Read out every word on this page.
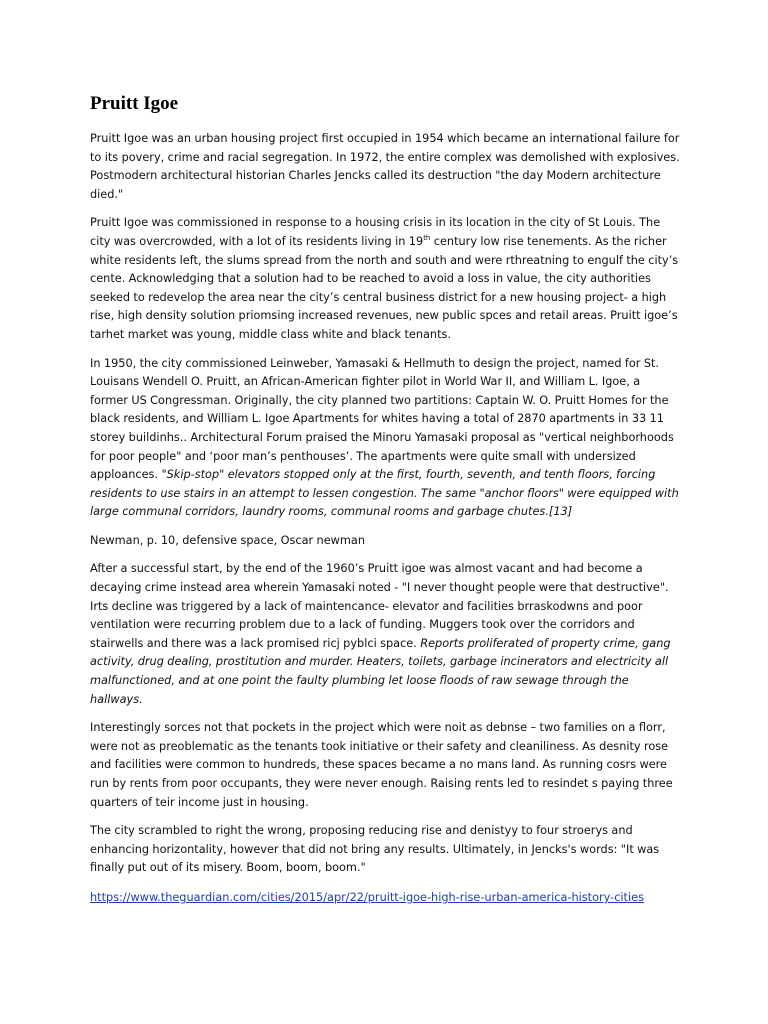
Pruitt Igoe

Pruitt Igoe was an urban housing project first occupied in 1954 which became an international failure for to its povery, crime and racial segregation. In 1972, the entire complex was demolished with explosives. Postmodern architectural historian Charles Jencks called its destruction "the day Modern architecture died."

Pruitt Igoe was commissioned in response to a housing crisis in its location in the city of St Louis. The city was overcrowded, with a lot of its residents living in 19th century low rise tenements. As the richer white residents left, the slums spread from the north and south and were rthreatning to engulf the city’s cente. Acknowledging that a solution had to be reached to avoid a loss in value, the city authorities seeked to redevelop the area near the city’s central business district for a new housing project- a high rise, high density solution priomsing increased revenues, new public spces and retail areas. Pruitt igoe’s tarhet market was young, middle class white and black tenants.

In 1950, the city commissioned Leinweber, Yamasaki & Hellmuth to design the project, named for St. Louisans Wendell O. Pruitt, an African-American fighter pilot in World War II, and William L. Igoe, a former US Congressman. Originally, the city planned two partitions: Captain W. O. Pruitt Homes for the black residents, and William L. Igoe Apartments for whites having a total of 2870 apartments in 33 11 storey buildinhs.. Architectural Forum praised the Minoru Yamasaki proposal as "vertical neighborhoods for poor people" and ‘poor man’s penthouses’. The apartments were quite small with undersized apploances. "Skip-stop" elevators stopped only at the first, fourth, seventh, and tenth floors, forcing residents to use stairs in an attempt to lessen congestion. The same "anchor floors" were equipped with large communal corridors, laundry rooms, communal rooms and garbage chutes.[13]

Newman, p. 10, defensive space, Oscar newman

After a successful start, by the end of the 1960’s Pruitt igoe was almost vacant and had become a decaying crime instead area wherein Yamasaki noted - "I never thought people were that destructive". Irts decline was triggered by a lack of maintencance- elevator and facilities brraskodwns and poor ventilation were recurring problem due to a lack of funding. Muggers took over the corridors and stairwells and there was a lack promised ricj pyblci space. Reports proliferated of property crime, gang activity, drug dealing, prostitution and murder. Heaters, toilets, garbage incinerators and electricity all malfunctioned, and at one point the faulty plumbing let loose floods of raw sewage through the hallways.

Interestingly sorces not that pockets in the project which were noit as debnse – two families on a florr, were not as preoblematic as the tenants took initiative or their safety and cleaniliness. As desnity rose and facilities were common to hundreds, these spaces became a no mans land. As running cosrs were run by rents from poor occupants, they were never enough. Raising rents led to resindet s paying three quarters of teir income just in housing.

The city scrambled to right the wrong, proposing reducing rise and denistyy to four stroerys and enhancing horizontality, however that did not bring any results. Ultimately, in Jencks's words: "It was finally put out of its misery. Boom, boom, boom."

https://www.theguardian.com/cities/2015/apr/22/pruitt-igoe-high-rise-urban-america-history-cities
